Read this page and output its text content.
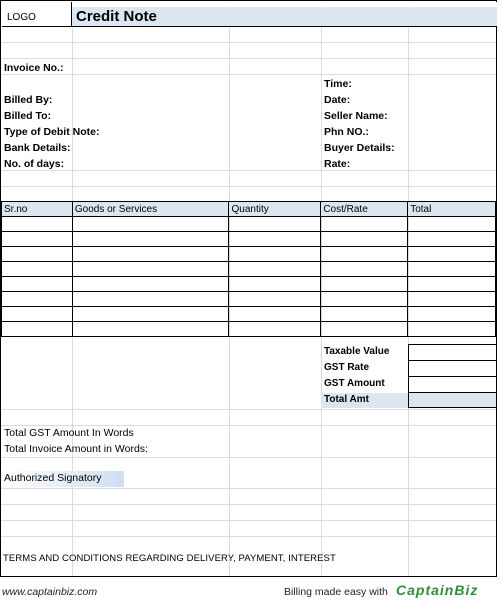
LOGO	Credit Note
Invoice No.:
Billed By:
Billed To:
Type of Debit Note:
Bank Details:
No. of days:
Time:
Date:
Seller Name:
Phn NO.:
Buyer Details:
Rate:
Sr.no	Goods or Services	Quantity	Cost/Rate	Total

Taxable Value
GST Rate
GST Amount
Total Amt
Total GST Amount In Words
Total Invoice Amount in Words:
Authorized Signatory
TERMS AND CONDITIONS REGARDING DELIVERY, PAYMENT, INTEREST
www.captainbiz.com	Billing made easy with CaptainBiz
